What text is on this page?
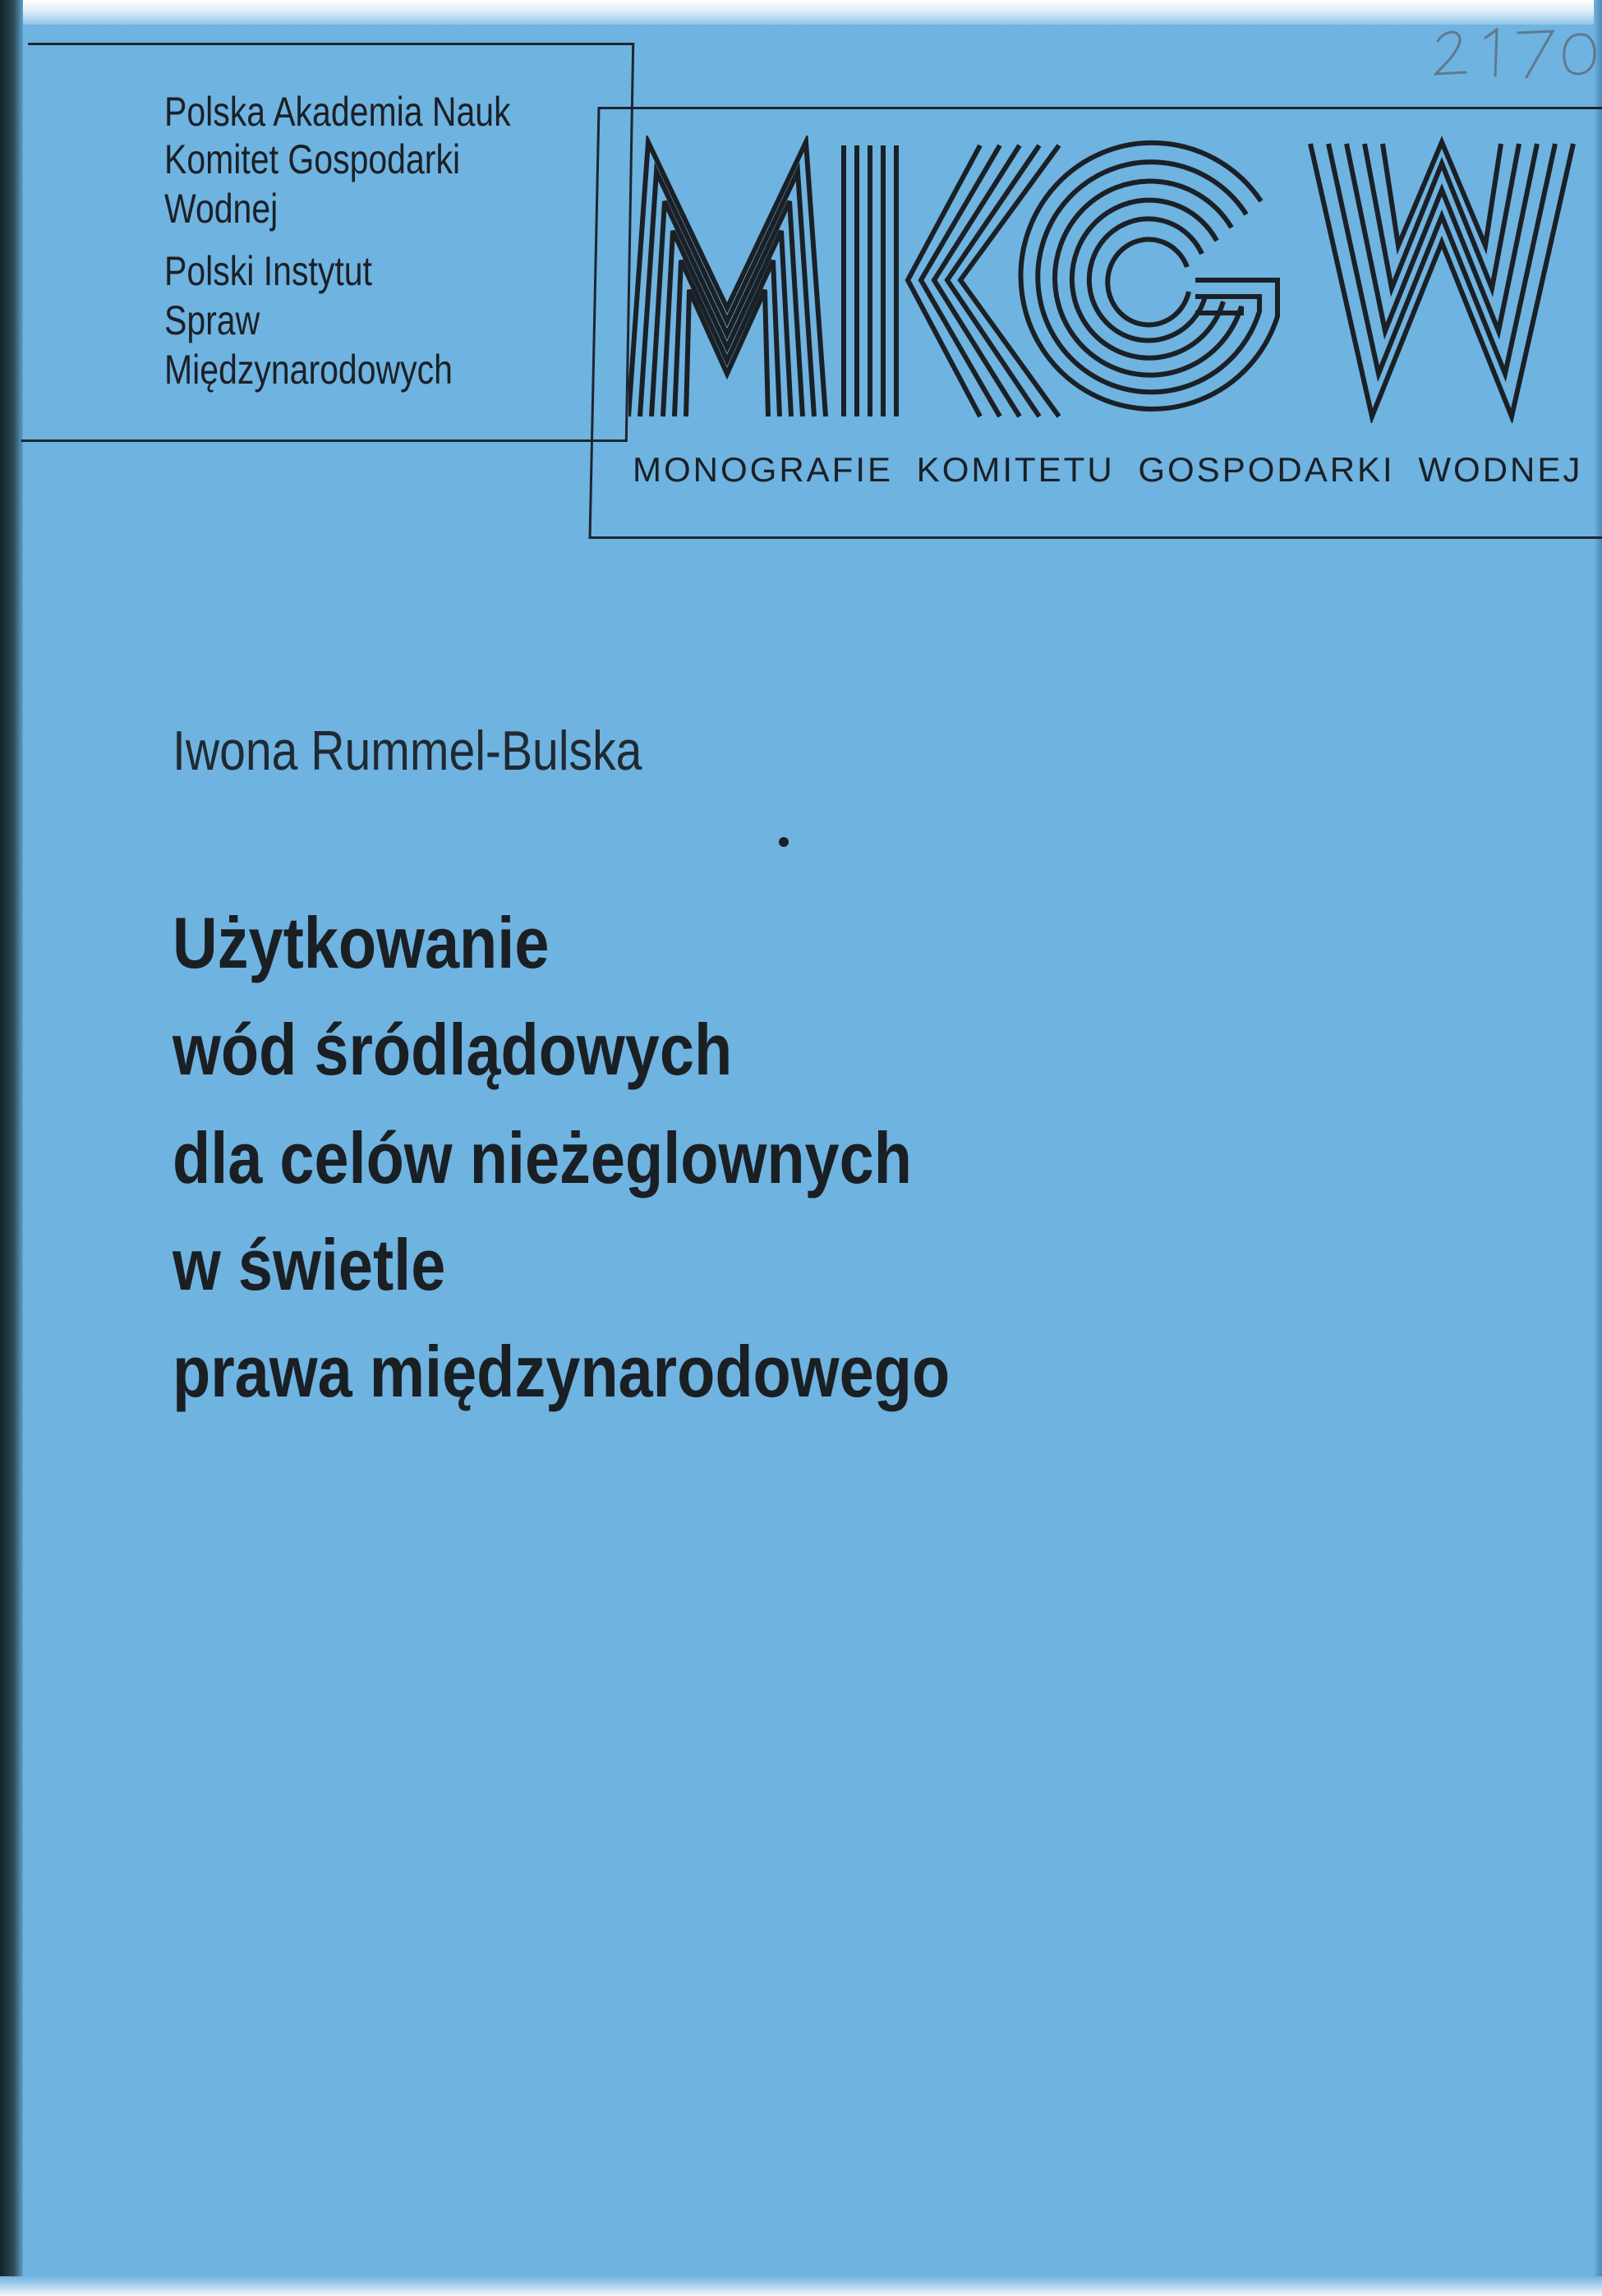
Polska Akademia Nauk
Komitet Gospodarki
Wodnej
Polski Instytut
Spraw
Międzynarodowych
MONOGRAFIE KOMITETU GOSPODARKI WODNEJ
Iwona Rummel-Bulska
Użytkowanie
wód śródlądowych
dla celów nieżeglownych
w świetle
prawa międzynarodowego
